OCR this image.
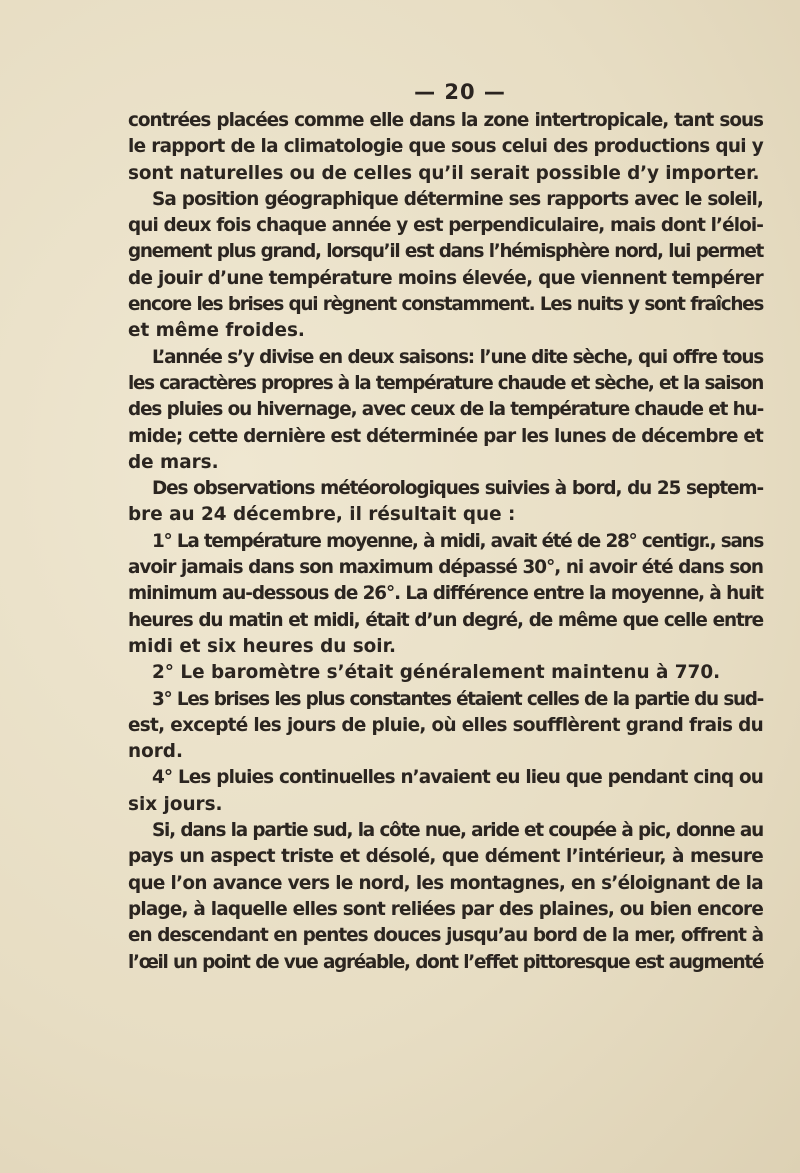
— 20 —
contrées placées comme elle dans la zone intertropicale, tant sous
le rapport de la climatologie que sous celui des productions qui y
sont naturelles ou de celles qu’il serait possible d’y importer.
Sa position géographique détermine ses rapports avec le soleil,
qui deux fois chaque année y est perpendiculaire, mais dont l’éloi-
gnement plus grand, lorsqu’il est dans l’hémisphère nord, lui permet
de jouir d’une température moins élevée, que viennent tempérer
encore les brises qui règnent constamment. Les nuits y sont fraîches
et même froides.
L’année s’y divise en deux saisons: l’une dite sèche, qui offre tous
les caractères propres à la température chaude et sèche, et la saison
des pluies ou hivernage, avec ceux de la température chaude et hu-
mide; cette dernière est déterminée par les lunes de décembre et
de mars.
Des observations météorologiques suivies à bord, du 25 septem-
bre au 24 décembre, il résultait que :
1° La température moyenne, à midi, avait été de 28° centigr., sans
avoir jamais dans son maximum dépassé 30°, ni avoir été dans son
minimum au-dessous de 26°. La différence entre la moyenne, à huit
heures du matin et midi, était d’un degré, de même que celle entre
midi et six heures du soir.
2° Le baromètre s’était généralement maintenu à 770.
3° Les brises les plus constantes étaient celles de la partie du sud-
est, excepté les jours de pluie, où elles soufflèrent grand frais du
nord.
4° Les pluies continuelles n’avaient eu lieu que pendant cinq ou
six jours.
Si, dans la partie sud, la côte nue, aride et coupée à pic, donne au
pays un aspect triste et désolé, que dément l’intérieur, à mesure
que l’on avance vers le nord, les montagnes, en s’éloignant de la
plage, à laquelle elles sont reliées par des plaines, ou bien encore
en descendant en pentes douces jusqu’au bord de la mer, offrent à
l’œil un point de vue agréable, dont l’effet pittoresque est augmenté
